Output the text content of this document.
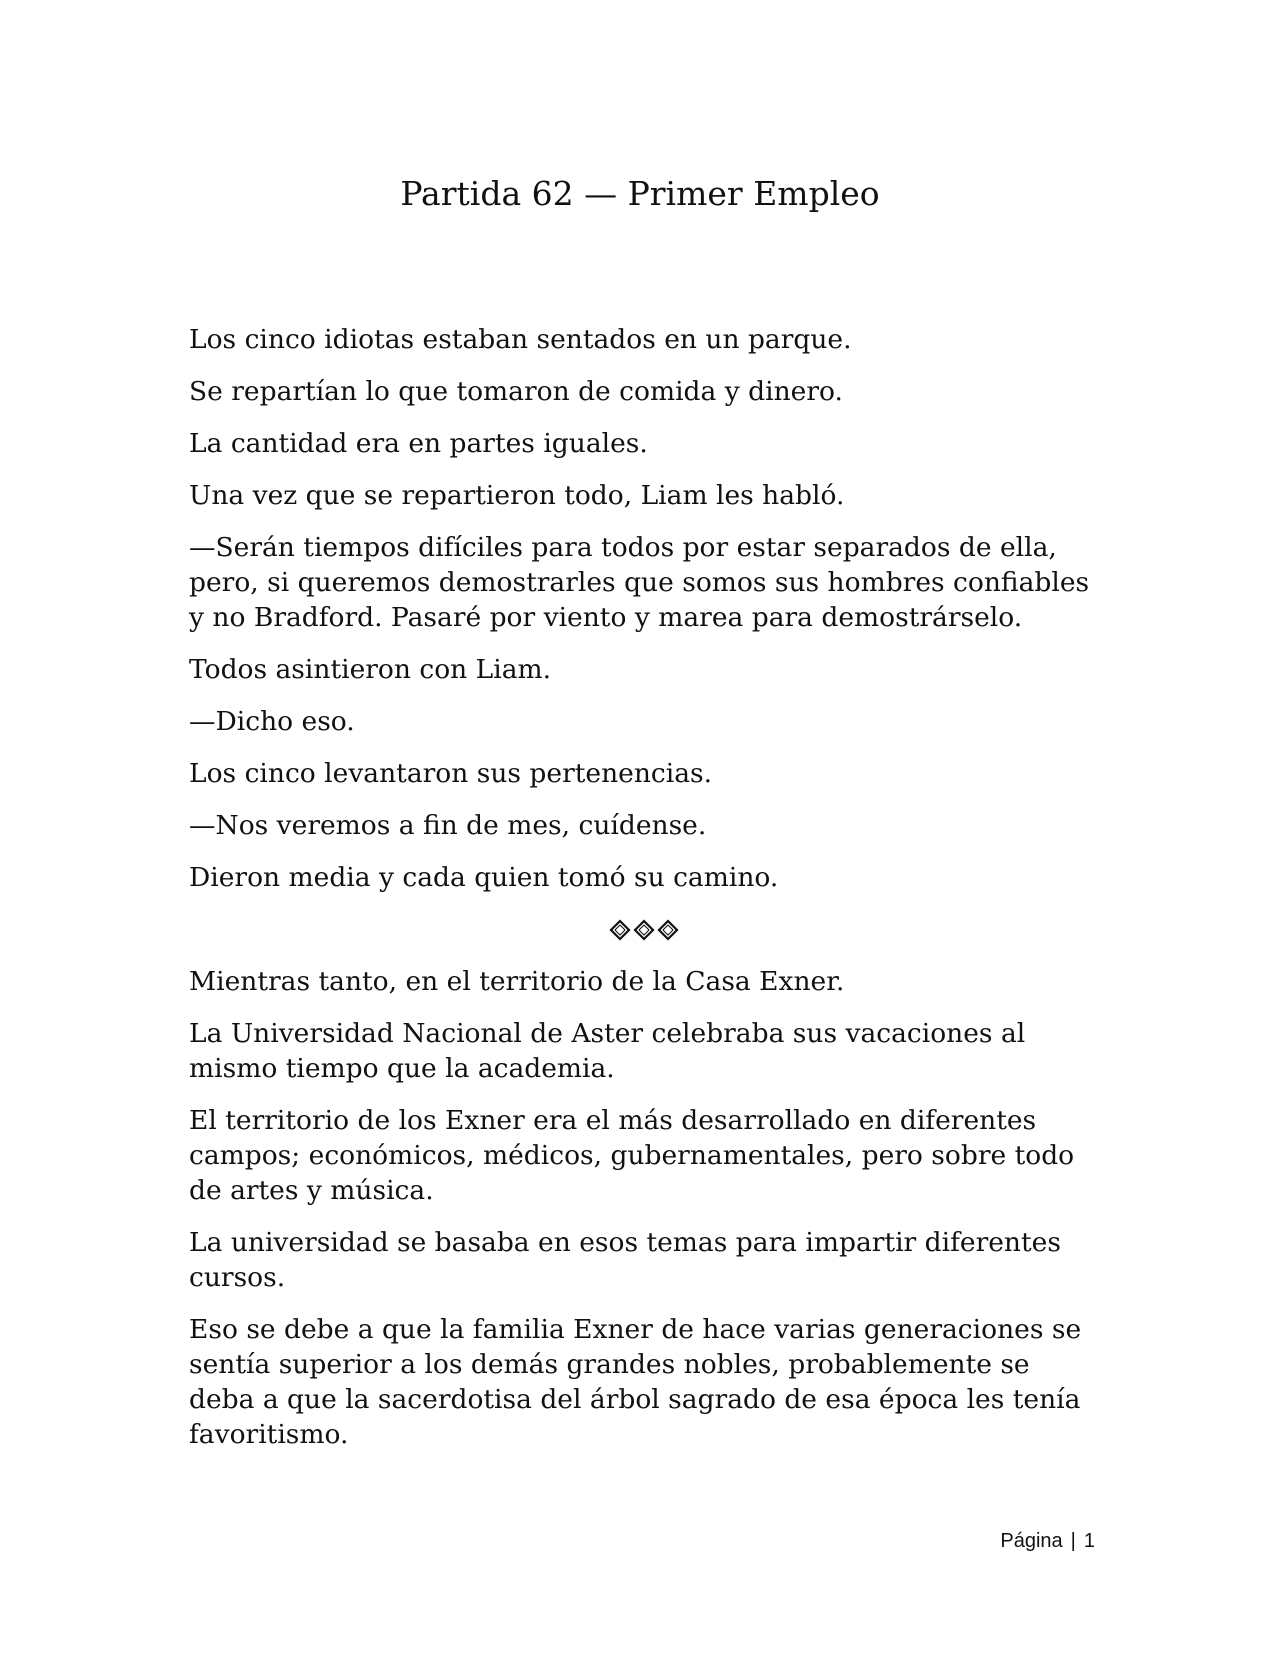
Partida 62 — Primer Empleo

Los cinco idiotas estaban sentados en un parque.

Se repartían lo que tomaron de comida y dinero.

La cantidad era en partes iguales.

Una vez que se repartieron todo, Liam les habló.

—Serán tiempos difíciles para todos por estar separados de ella, pero, si queremos demostrarles que somos sus hombres confiables y no Bradford. Pasaré por viento y marea para demostrárselo.

Todos asintieron con Liam.

—Dicho eso.

Los cinco levantaron sus pertenencias.

—Nos veremos a fin de mes, cuídense.

Dieron media y cada quien tomó su camino.

Mientras tanto, en el territorio de la Casa Exner.

La Universidad Nacional de Aster celebraba sus vacaciones al mismo tiempo que la academia.

El territorio de los Exner era el más desarrollado en diferentes campos; económicos, médicos, gubernamentales, pero sobre todo de artes y música.

La universidad se basaba en esos temas para impartir diferentes cursos.

Eso se debe a que la familia Exner de hace varias generaciones se sentía superior a los demás grandes nobles, probablemente se deba a que la sacerdotisa del árbol sagrado de esa época les tenía favoritismo.

Página | 1
